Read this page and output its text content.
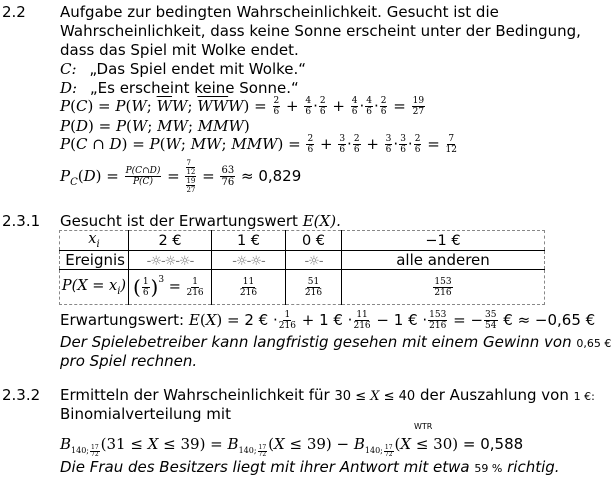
2.2 Aufgabe zur bedingten Wahrscheinlichkeit. Gesucht ist die
Wahrscheinlichkeit, dass keine Sonne erscheint unter der Bedingung,
dass das Spiel mit Wolke endet.
C: „Das Spiel endet mit Wolke.“
D: „Es erscheint keine Sonne.“
P(C) = P(W; $\overline{W}W$; $\overline{WW}W) = \frac{2}{6} + \frac{4}{6} \cdot \frac{2}{6} + \frac{4}{6} \cdot \frac{4}{6} \cdot \frac{2}{6} = \frac{19}{27}$
P(D) = P(W; MW; MMW)
P(C ∩ D) = P(W; MW; $MMW) = \frac{2}{6} + \frac{3}{6} \cdot \frac{2}{6} + \frac{3}{6} \cdot \frac{3}{6} \cdot \frac{2}{6} = \frac{7}{12}$
$P_C(D) = \frac{P(C\cap D)}{P(C)} = 7$
12
19
$27 = \frac{63}{76} \approx 0,829$
2.3.1 Gesucht ist der Erwartungswert E(X).
$x_i$	2 €	1 €	0 €	−1 €
Ereignis	-☼-☼-☼-	-☼-☼-	-☼-	alle anderen
$P(X = x_i)$	( $\frac{1}{6} )^3 = \frac{1}{216}$	$\frac{11}{216}$	$\frac{51}{216}$	$\frac{153}{216}$
Erwartungswert: E(X) = 2 € · $\frac{1}{216} + 1$ € · $\frac{11}{216} - 1$ € · $\frac{153}{216}$ = − $\frac{35}{54}$ € ≈ −0,65 €
Der Spielebetreiber kann langfristig gesehen mit einem Gewinn von 0,65 €
pro Spiel rechnen.
2.3.2 Ermitteln der Wahrscheinlichkeit für 30 ≤ X ≤ 40 der Auszahlung von 1 €:
Binomialverteilung mit
WTR
$B_{140; \frac{17}{72}}$ $(31 \le X \le 39) = B_{140; \frac{17}{72}}$ $(X \le 39) - B_{140; \frac{17}{72}}$ (X ≤ 30) = 0,588
Die Frau des Besitzers liegt mit ihrer Antwort mit etwa 59 % richtig.
